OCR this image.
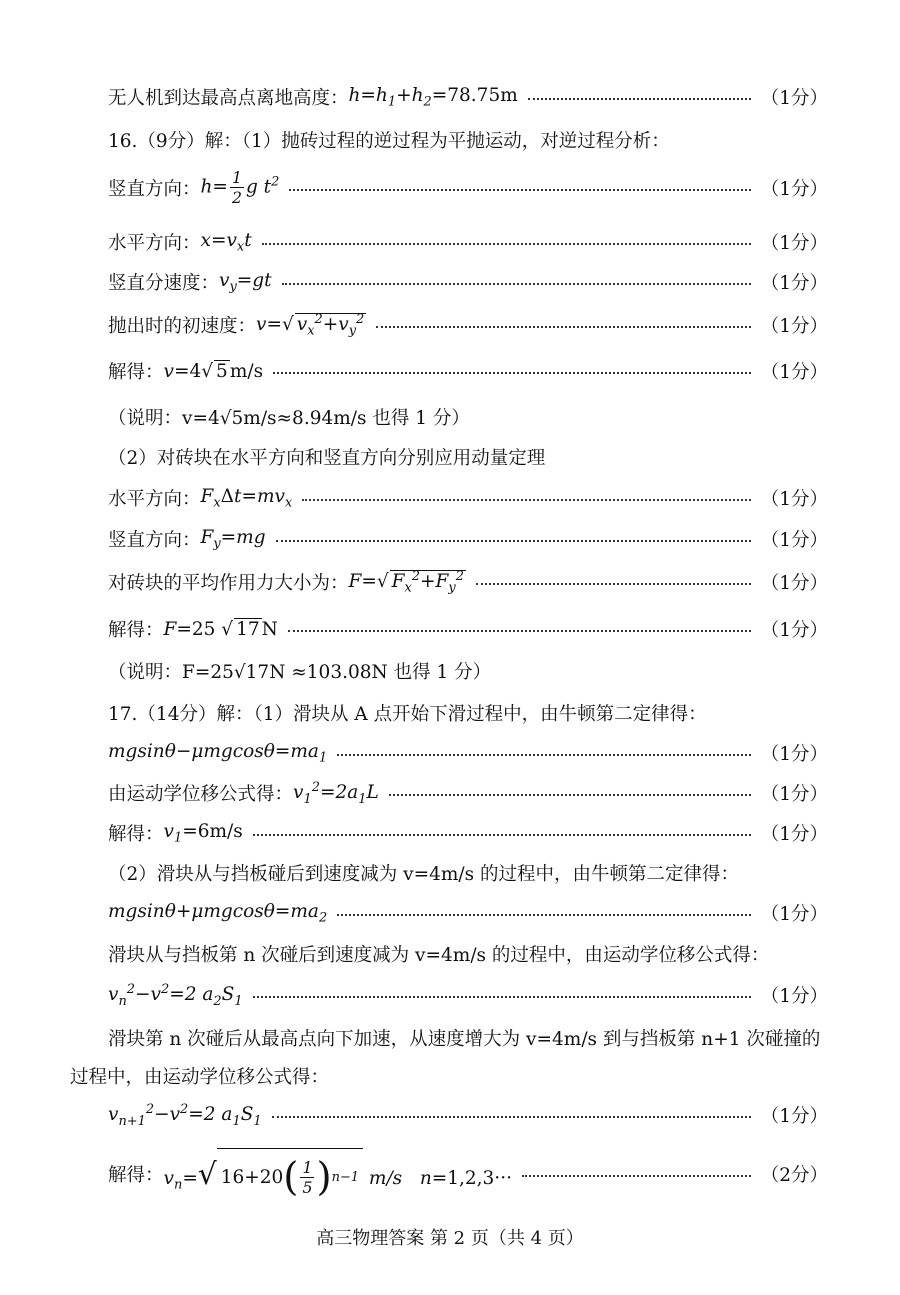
无人机到达最高点离地高度： $h=h_1+h_2=78.75m$	（1分）
16.（9分）解：（1）抛砖过程的逆过程为平抛运动，对逆过程分析：
竖直方向： $h= \frac{1}{2}$ g $t^2$	（1分）
水平方向： $x=v_xt$	（1分）
竖直分速度： $v_y=gt$	（1分）
抛出时的初速度： v=√ $v_x^2+v_y^2$	（1分）
解得： v=4√ 5 m/s	（1分）
（说明：v=4√5m/s≈8.94m/s 也得 1 分）
（2）对砖块在水平方向和竖直方向分别应用动量定理
水平方向： $F_x\Delta t=mv_x$	（1分）
竖直方向： $F_y=mg$	（1分）
对砖块的平均作用力大小为： F=√ $F_x^2+F_y^2$	（1分）
解得： F=25 √ 17 N	（1分）
（说明：F=25√17N ≈103.08N 也得 1 分）
17.（14分）解：（1）滑块从 A 点开始下滑过程中，由牛顿第二定律得：
$mgsin\theta-\mu mgcos\theta=ma_1$	（1分）
由运动学位移公式得： $v_1^2=2a_1L$	（1分）
解得： $v_1=6m/s$	（1分）
（2）滑块从与挡板碰后到速度减为 v=4m/s 的过程中，由牛顿第二定律得：
$mgsin\theta+\mu mgcos\theta=ma_2$	（1分）
滑块从与挡板第 n 次碰后到速度减为 v=4m/s 的过程中，由运动学位移公式得：
$v_n^2-v^2=2$ $a_2S_1$	（1分）
滑块第 n 次碰后从最高点向下加速，从速度增大为 v=4m/s 到与挡板第 n+1 次碰撞的
过程中，由运动学位移公式得：
$v_{n+1}^2-v^2=2$ $a_1S_1$	（1分）
解得： $v_n=$ √ 16+20 ( $\frac{1}{5}$ ) n−1 m/s   n=1,2,3···	（2分）
高三物理答案 第 2 页（共 4 页）
